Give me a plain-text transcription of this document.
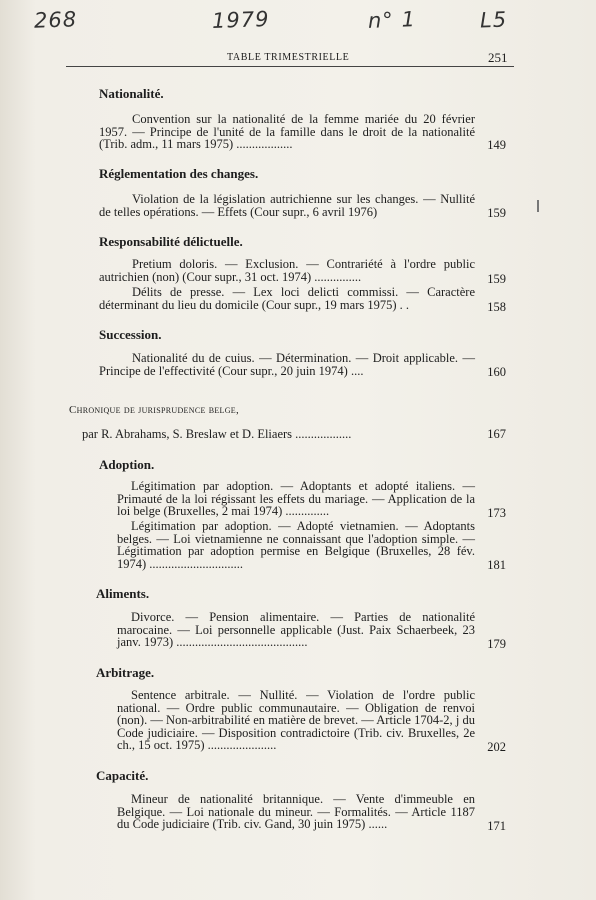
268	1979	n° 1	L5
TABLE TRIMESTRIELLE	251
Nationalité.
Convention sur la nationalité de la femme mariée du 20 février 1957. — Principe de l'unité de la famille dans le droit de la nationalité (Trib. adm., 11 mars 1975) ..................	149
Réglementation des changes.
Violation de la législation autrichienne sur les changes. — Nullité de telles opérations. — Effets (Cour supr., 6 avril 1976)	159
Responsabilité délictuelle.
Pretium doloris. — Exclusion. — Contrariété à l'ordre public autrichien (non) (Cour supr., 31 oct. 1974) ...............	159
Délits de presse. — Lex loci delicti commissi. — Caractère déterminant du lieu du domicile (Cour supr., 19 mars 1975) . .	158
Succession.
Nationalité du de cuius. — Détermination. — Droit applicable. — Principe de l'effectivité (Cour supr., 20 juin 1974) ....	160
Chronique de jurisprudence belge,
par R. Abrahams, S. Breslaw et D. Eliaers ..................	167
Adoption.
Légitimation par adoption. — Adoptants et adopté italiens. — Primauté de la loi régissant les effets du mariage. — Application de la loi belge (Bruxelles, 2 mai 1974) ..............	173
Légitimation par adoption. — Adopté vietnamien. — Adoptants belges. — Loi vietnamienne ne connaissant que l'adoption simple. — Légitimation par adoption permise en Belgique (Bruxelles, 28 fév. 1974) ..............................	181
Aliments.
Divorce. — Pension alimentaire. — Parties de nationalité marocaine. — Loi personnelle applicable (Just. Paix Schaerbeek, 23 janv. 1973) ..........................................	179
Arbitrage.
Sentence arbitrale. — Nullité. — Violation de l'ordre public national. — Ordre public communautaire. — Obligation de renvoi (non). — Non-arbitrabilité en matière de brevet. — Article 1704-2, j du Code judiciaire. — Disposition contradictoire (Trib. civ. Bruxelles, 2e ch., 15 oct. 1975) ......................	202
Capacité.
Mineur de nationalité britannique. — Vente d'immeuble en Belgique. — Loi nationale du mineur. — Formalités. — Article 1187 du Code judiciaire (Trib. civ. Gand, 30 juin 1975) ......	171
